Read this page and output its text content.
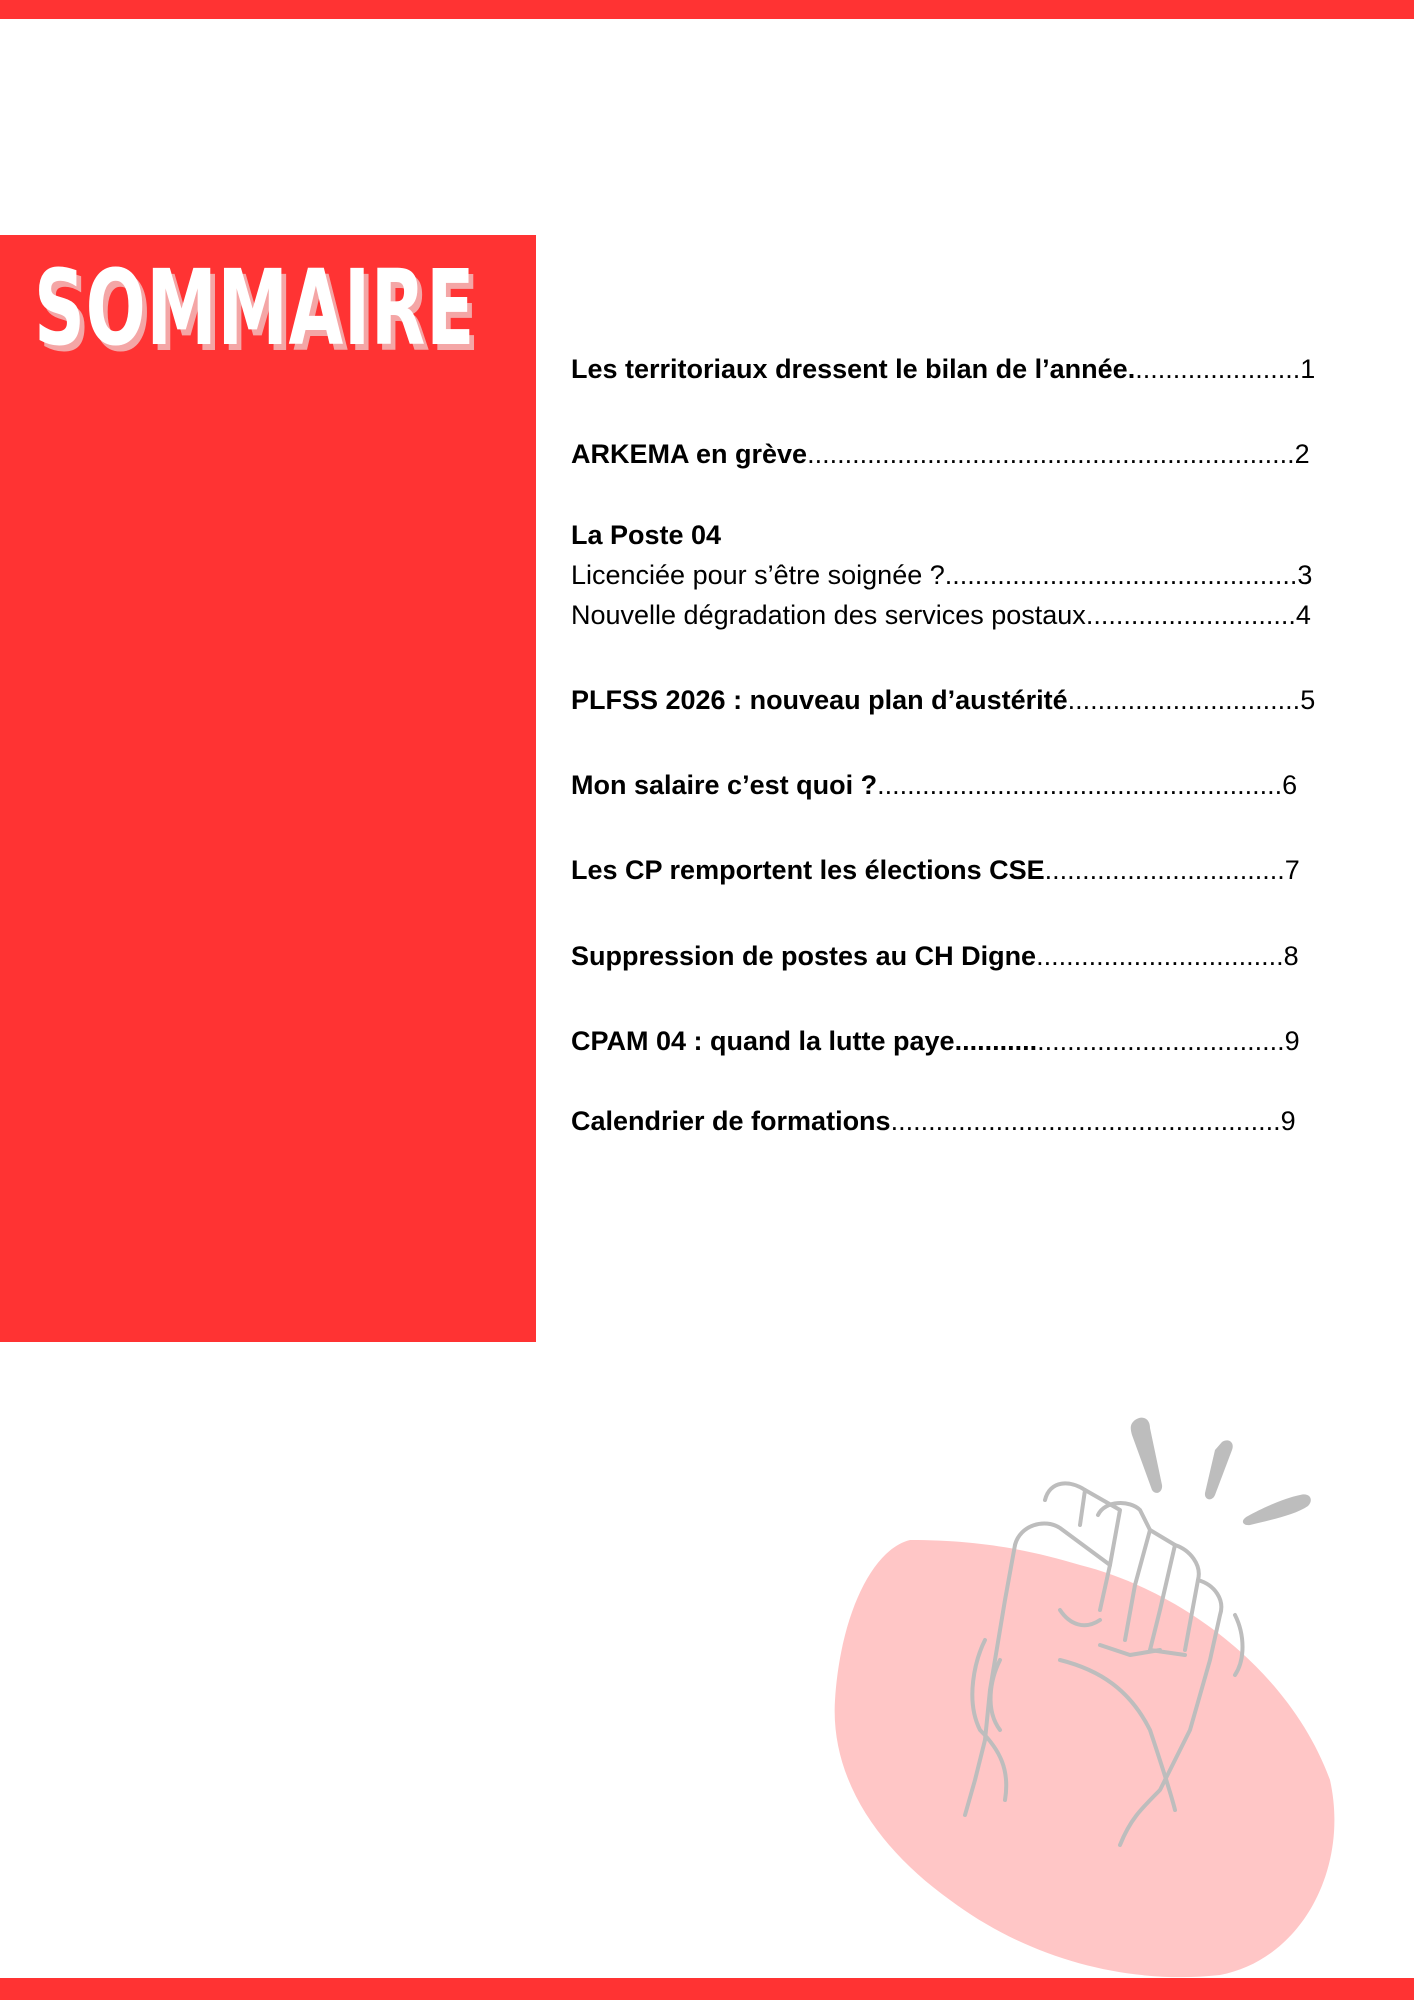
SOMMAIRE	Les territoriaux dressent le bilan de l’année.......................1
ARKEMA en grève.................................................................2
La Poste 04
Licenciée pour s’être soignée ?...............................................3
Nouvelle dégradation des services postaux............................4
PLFSS 2026 : nouveau plan d’austérité...............................5
Mon salaire c’est quoi ?......................................................6
Les CP remportent les élections CSE................................7
Suppression de postes au CH Digne.................................8
CPAM 04 : quand la lutte paye............................................9
Calendrier de formations....................................................9
